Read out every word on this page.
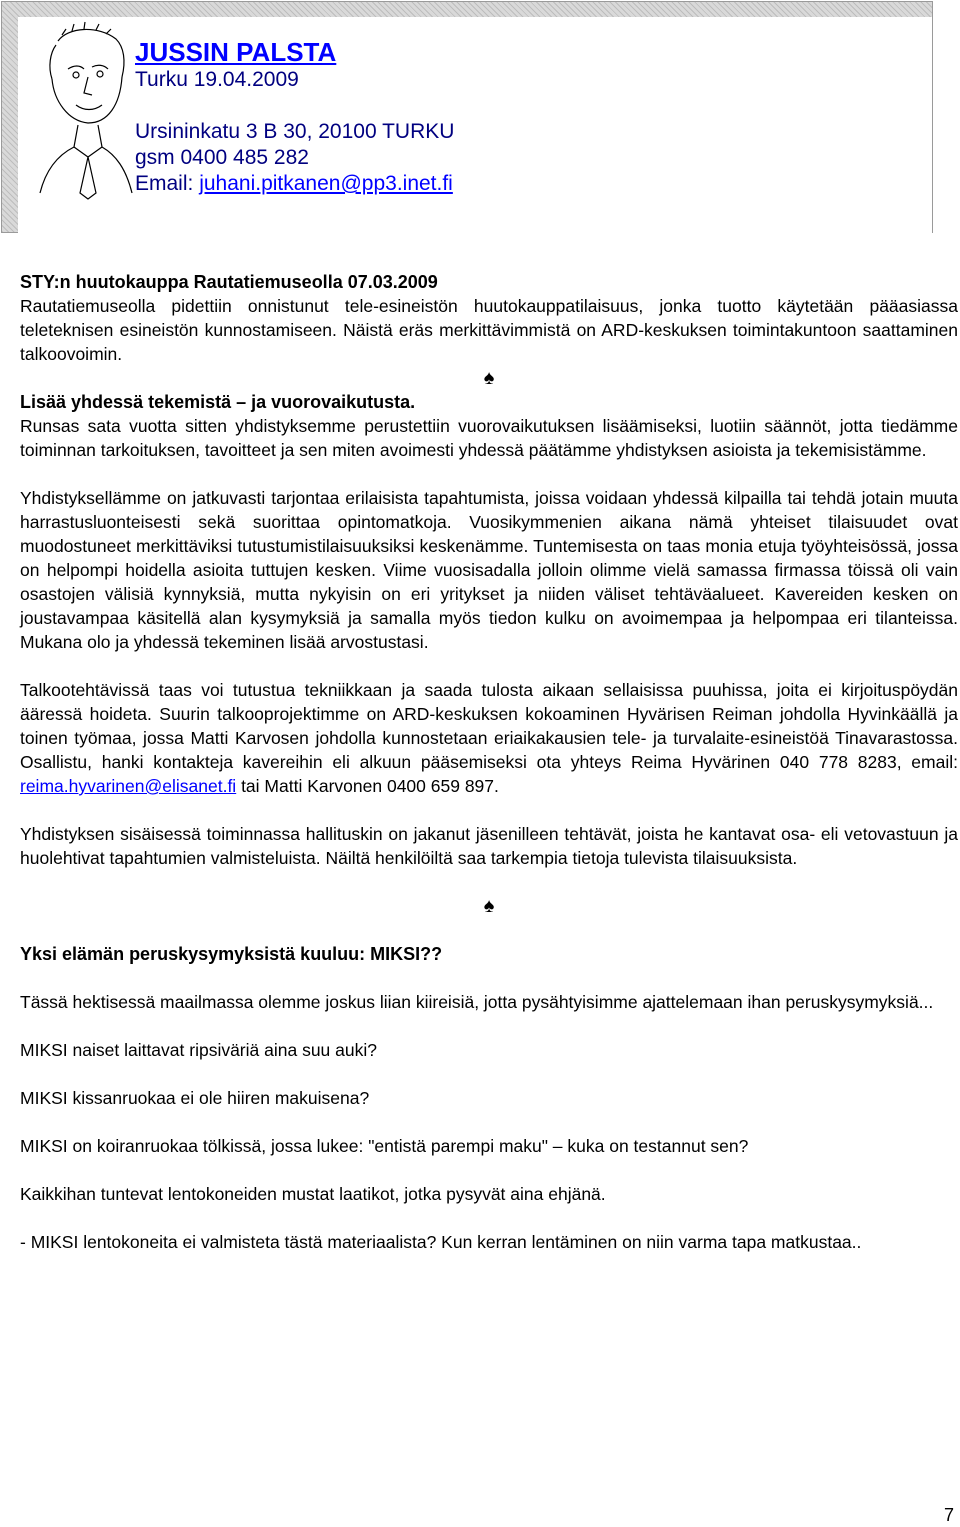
JUSSIN PALSTA
Turku 19.04.2009
Ursininkatu 3 B 30, 20100 TURKU
gsm 0400 485 282
Email: juhani.pitkanen@pp3.inet.fi
STY:n huutokauppa Rautatiemuseolla 07.03.2009

Rautatiemuseolla pidettiin onnistunut tele-esineistön huutokauppatilaisuus, jonka tuotto käytetään pääasiassa teleteknisen esineistön kunnostamiseen. Näistä eräs merkittävimmistä on ARD-keskuksen toimintakuntoon saattaminen talkoovoimin.

♠
Lisää yhdessä tekemistä – ja vuorovaikutusta.

Runsas sata vuotta sitten yhdistyksemme perustettiin vuorovaikutuksen lisäämiseksi, luotiin säännöt, jotta tiedämme toiminnan tarkoituksen, tavoitteet ja sen miten avoimesti yhdessä päätämme yhdistyksen asioista ja tekemisistämme.

Yhdistyksellämme on jatkuvasti tarjontaa erilaisista tapahtumista, joissa voidaan yhdessä kilpailla tai tehdä jotain muuta harrastusluonteisesti sekä suorittaa opintomatkoja. Vuosikymmenien aikana nämä yhteiset tilaisuudet ovat muodostuneet merkittäviksi tutustumistilaisuuksiksi keskenämme. Tuntemisesta on taas monia etuja työyhteisössä, jossa on helpompi hoidella asioita tuttujen kesken. Viime vuosisadalla jolloin olimme vielä samassa firmassa töissä oli vain osastojen välisiä kynnyksiä, mutta nykyisin on eri yritykset ja niiden väliset tehtäväalueet. Kavereiden kesken on joustavampaa käsitellä alan kysymyksiä ja samalla myös tiedon kulku on avoimempaa ja helpompaa eri tilanteissa. Mukana olo ja yhdessä tekeminen lisää arvostustasi.

Talkootehtävissä taas voi tutustua tekniikkaan ja saada tulosta aikaan sellaisissa puuhissa, joita ei kirjoituspöydän ääressä hoideta. Suurin talkooprojektimme on ARD-keskuksen kokoaminen Hyvärisen Reiman johdolla Hyvinkäällä ja toinen työmaa, jossa Matti Karvosen johdolla kunnostetaan eriaikakausien tele- ja turvalaite-esineistöä Tinavarastossa. Osallistu, hanki kontakteja kavereihin eli alkuun pääsemiseksi ota yhteys Reima Hyvärinen 040 778 8283, email: reima.hyvarinen@elisanet.fi tai Matti Karvonen 0400 659 897.

Yhdistyksen sisäisessä toiminnassa hallituskin on jakanut jäsenilleen tehtävät, joista he kantavat osa- eli vetovastuun ja huolehtivat tapahtumien valmisteluista. Näiltä henkilöiltä saa tarkempia tietoja tulevista tilaisuuksista.

♠
Yksi elämän peruskysymyksistä kuuluu: MIKSI??

Tässä hektisessä maailmassa olemme joskus liian kiireisiä, jotta pysähtyisimme ajattelemaan ihan peruskysymyksiä...

MIKSI naiset laittavat ripsiväriä aina suu auki?

MIKSI kissanruokaa ei ole hiiren makuisena?

MIKSI on koiranruokaa tölkissä, jossa lukee: "entistä parempi maku" – kuka on testannut sen?

Kaikkihan tuntevat lentokoneiden mustat laatikot, jotka pysyvät aina ehjänä.

- MIKSI lentokoneita ei valmisteta tästä materiaalista? Kun kerran lentäminen on niin varma tapa matkustaa..

7
